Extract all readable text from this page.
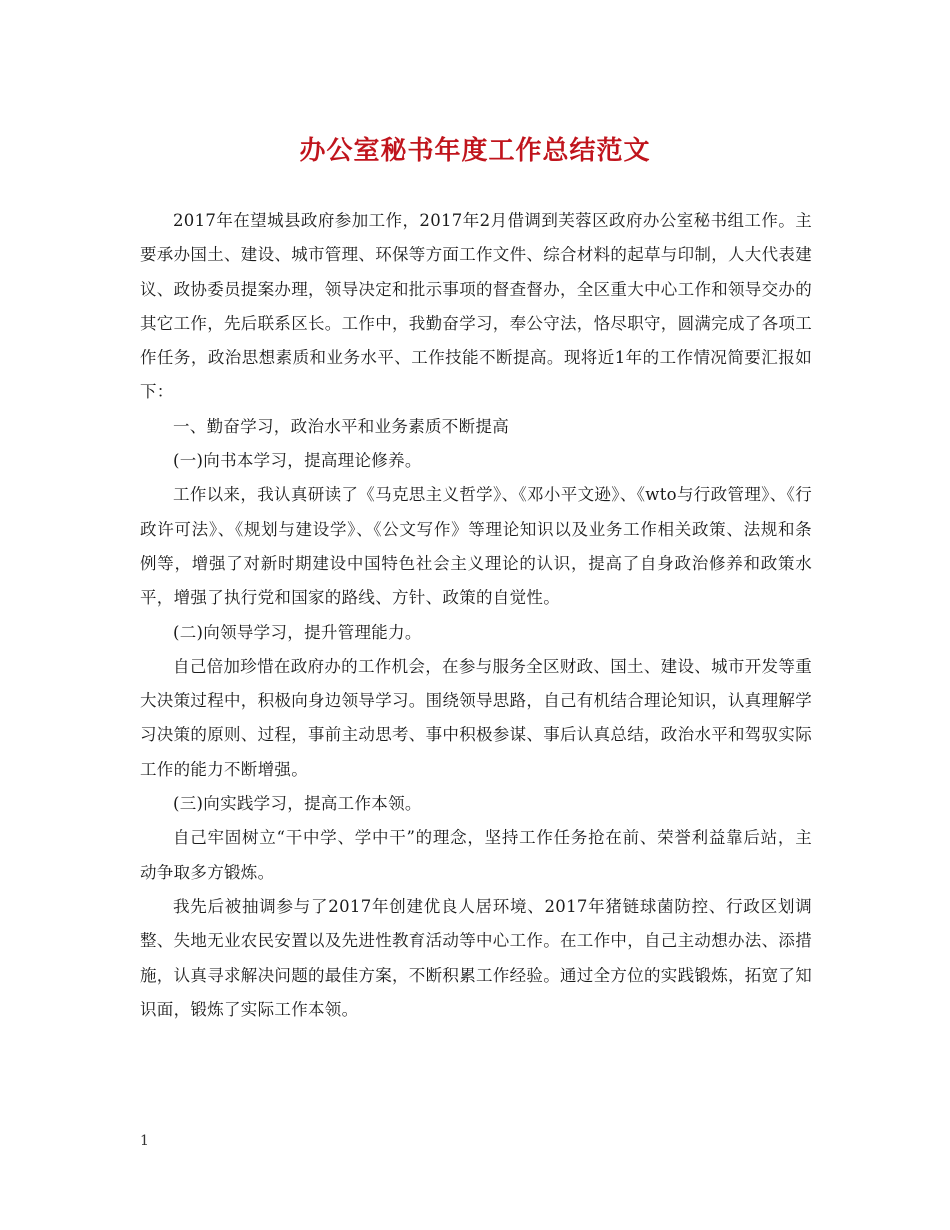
办公室秘书年度工作总结范文

2017年在望城县政府参加工作，2017年2月借调到芙蓉区政府办公室秘书组工作。主要承办国土、建设、城市管理、环保等方面工作文件、综合材料的起草与印制，人大代表建议、政协委员提案办理，领导决定和批示事项的督查督办，全区重大中心工作和领导交办的其它工作，先后联系区长。工作中，我勤奋学习，奉公守法，恪尽职守，圆满完成了各项工作任务，政治思想素质和业务水平、工作技能不断提高。现将近1年的工作情况简要汇报如下：

一、勤奋学习，政治水平和业务素质不断提高

(一)向书本学习，提高理论修养。

工作以来，我认真研读了《马克思主义哲学》、《邓小平文逊》、《wto与行政管理》、《行政许可法》、《规划与建设学》、《公文写作》等理论知识以及业务工作相关政策、法规和条例等，增强了对新时期建设中国特色社会主义理论的认识，提高了自身政治修养和政策水平，增强了执行党和国家的路线、方针、政策的自觉性。

(二)向领导学习，提升管理能力。

自己倍加珍惜在政府办的工作机会，在参与服务全区财政、国土、建设、城市开发等重大决策过程中，积极向身边领导学习。围绕领导思路，自己有机结合理论知识，认真理解学习决策的原则、过程，事前主动思考、事中积极参谋、事后认真总结，政治水平和驾驭实际工作的能力不断增强。

(三)向实践学习，提高工作本领。

自己牢固树立“干中学、学中干”的理念，坚持工作任务抢在前、荣誉利益靠后站，主动争取多方锻炼。

我先后被抽调参与了2017年创建优良人居环境、2017年猪链球菌防控、行政区划调整、失地无业农民安置以及先进性教育活动等中心工作。在工作中，自己主动想办法、添措施，认真寻求解决问题的最佳方案，不断积累工作经验。通过全方位的实践锻炼，拓宽了知识面，锻炼了实际工作本领。

1
